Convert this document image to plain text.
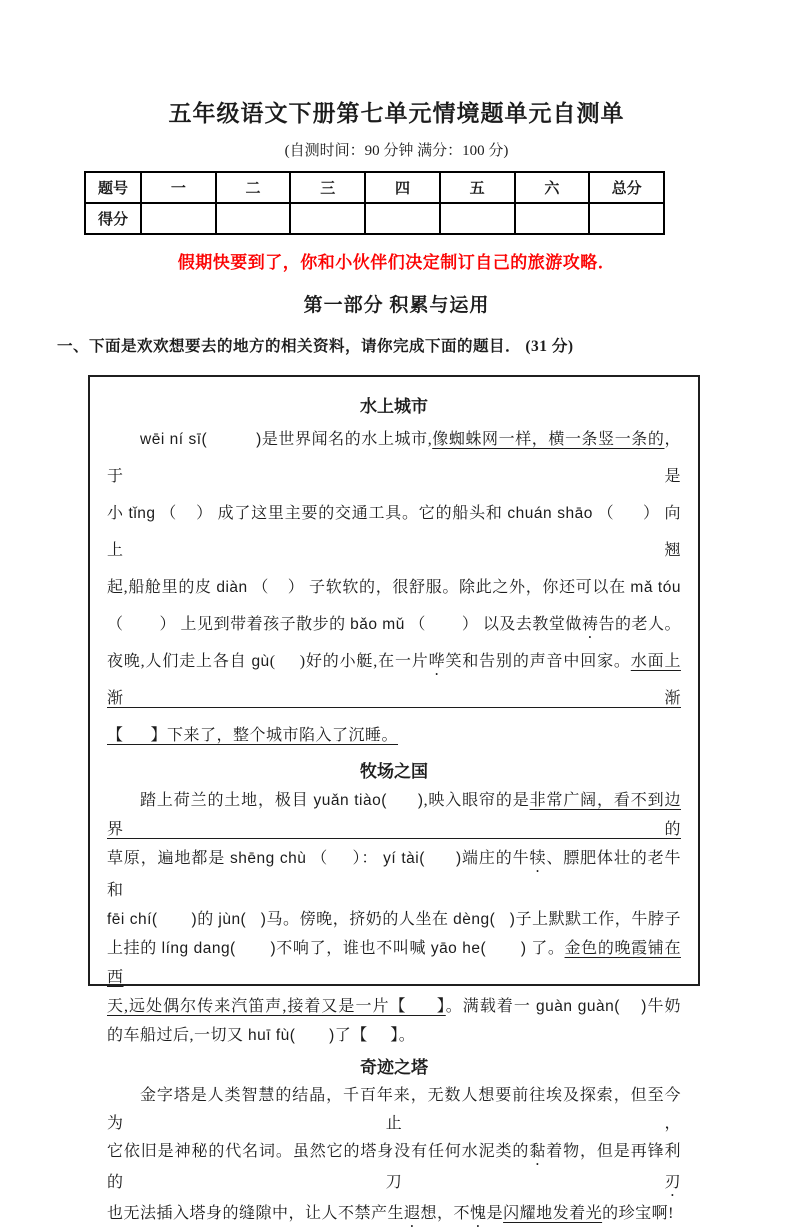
五年级语文下册第七单元情境题单元自测单
(自测时间：90 分钟 满分：100 分)
题号	一	二	三	四	五	六	总分
得分							
假期快要到了，你和小伙伴们决定制订自己的旅游攻略．
第一部分 积累与运用
一、下面是欢欢想要去的地方的相关资料，请你完成下面的题目． (31 分)
水上城市
wēi ní sī(          )是世界闻名的水上城市,像蜘蛛网一样，横一条竖一条的，于是
小 tǐng （    ） 成了这里主要的交通工具。它的船头和 chuán shāo （      ） 向上翘
起,船舱里的皮 diàn （    ） 子软软的，很舒服。除此之外，你还可以在 mǎ tóu
（        ） 上见到带着孩子散步的 bǎo mǔ （        ） 以及去教堂做祷告的老人。
夜晚,人们走上各自 gù(     )好的小艇,在一片哗笑和告别的声音中回家。水面上渐渐
【      】下来了，整个城市陷入了沉睡。
牧场之国
踏上荷兰的土地，极目 yuǎn tiào(      ),映入眼帘的是非常广阔，看不到边界的
草原，遍地都是 shēng chù （     ）： yí tài(      )端庄的牛犊、膘肥体壮的老牛和
fēi chí(       )的 jùn(   )马。傍晚，挤奶的人坐在 dèng(   )子上默默工作，牛脖子
上挂的 líng dang(       )不响了，谁也不叫喊 yāo he(       ) 了。金色的晚霞铺在西
天,远处偶尔传来汽笛声,接着又是一片【      】。满载着一 guàn guàn(    )牛奶
的车船过后,一切又 huī fù(       )了【     】。
奇迹之塔
金字塔是人类智慧的结晶，千百年来，无数人想要前往埃及探索，但至今为止，
它依旧是神秘的代名词。虽然它的塔身没有任何水泥类的黏着物，但是再锋利的刀刃
也无法插入塔身的缝隙中，让人不禁产生遐想，不愧是闪耀地发着光的珍宝啊!
